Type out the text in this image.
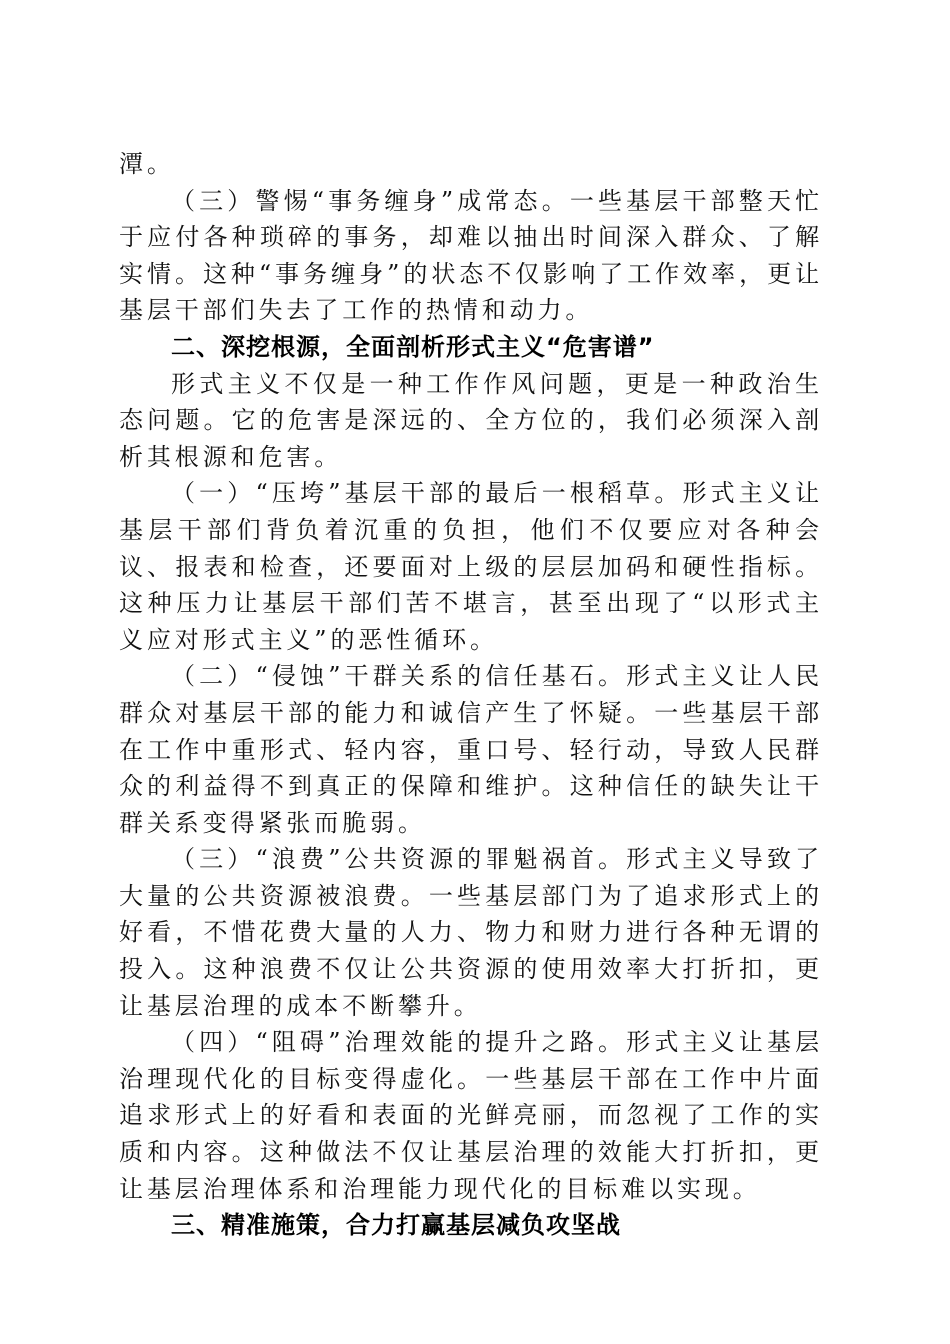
潭。

（三）警惕“事务缠身”成常态。一些基层干部整天忙于应付各种琐碎的事务，却难以抽出时间深入群众、了解实情。这种“事务缠身”的状态不仅影响了工作效率，更让基层干部们失去了工作的热情和动力。

二、深挖根源，全面剖析形式主义“危害谱”

形式主义不仅是一种工作作风问题，更是一种政治生态问题。它的危害是深远的、全方位的，我们必须深入剖析其根源和危害。

（一）“压垮”基层干部的最后一根稻草。形式主义让基层干部们背负着沉重的负担，他们不仅要应对各种会议、报表和检查，还要面对上级的层层加码和硬性指标。这种压力让基层干部们苦不堪言，甚至出现了“以形式主义应对形式主义”的恶性循环。

（二）“侵蚀”干群关系的信任基石。形式主义让人民群众对基层干部的能力和诚信产生了怀疑。一些基层干部在工作中重形式、轻内容，重口号、轻行动，导致人民群众的利益得不到真正的保障和维护。这种信任的缺失让干群关系变得紧张而脆弱。

（三）“浪费”公共资源的罪魁祸首。形式主义导致了大量的公共资源被浪费。一些基层部门为了追求形式上的好看，不惜花费大量的人力、物力和财力进行各种无谓的投入。这种浪费不仅让公共资源的使用效率大打折扣，更让基层治理的成本不断攀升。

（四）“阻碍”治理效能的提升之路。形式主义让基层治理现代化的目标变得虚化。一些基层干部在工作中片面追求形式上的好看和表面的光鲜亮丽，而忽视了工作的实质和内容。这种做法不仅让基层治理的效能大打折扣，更让基层治理体系和治理能力现代化的目标难以实现。

三、精准施策，合力打赢基层减负攻坚战
